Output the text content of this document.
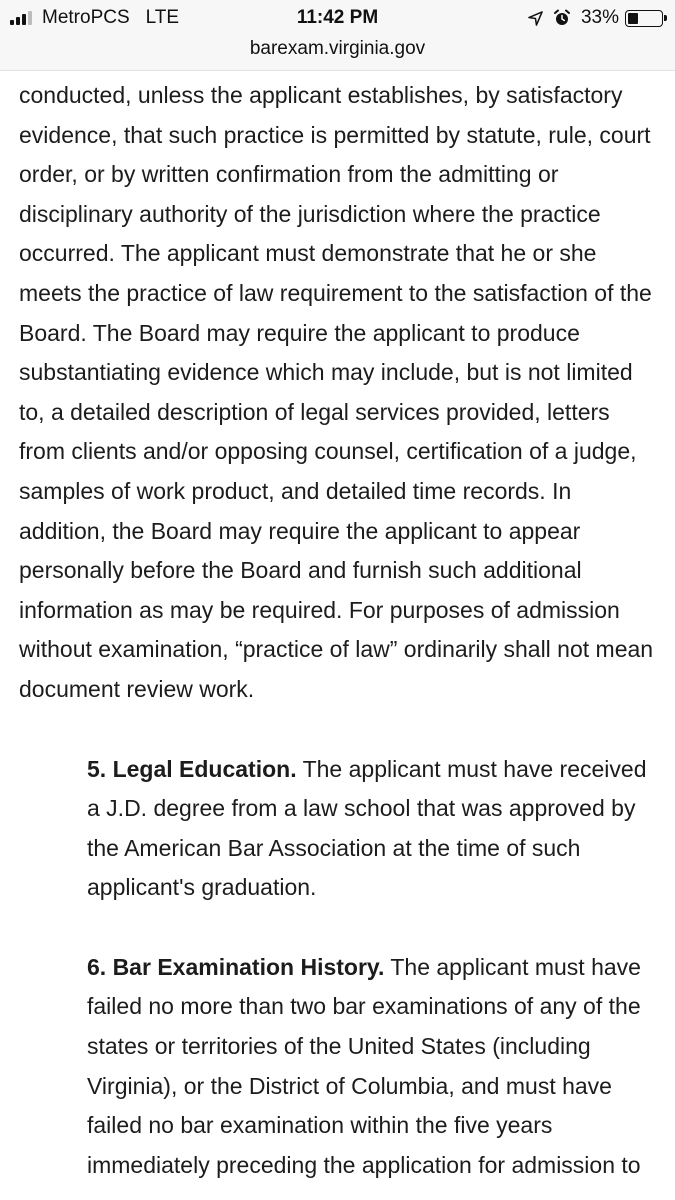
MetroPCS LTE	11:42 PM	33%
barexam.virginia.gov

conducted, unless the applicant establishes, by satisfactory evidence, that such practice is permitted by statute, rule, court order, or by written confirmation from the admitting or disciplinary authority of the jurisdiction where the practice occurred. The applicant must demonstrate that he or she meets the practice of law requirement to the satisfaction of the Board. The Board may require the applicant to produce substantiating evidence which may include, but is not limited to, a detailed description of legal services provided, letters from clients and/or opposing counsel, certification of a judge, samples of work product, and detailed time records. In addition, the Board may require the applicant to appear personally before the Board and furnish such additional information as may be required. For purposes of admission without examination, “practice of law” ordinarily shall not mean document review work.

5. Legal Education. The applicant must have received a J.D. degree from a law school that was approved by the American Bar Association at the time of such applicant's graduation.

6. Bar Examination History. The applicant must have failed no more than two bar examinations of any of the states or territories of the United States (including Virginia), or the District of Columbia, and must have failed no bar examination within the five years immediately preceding the application for admission to
